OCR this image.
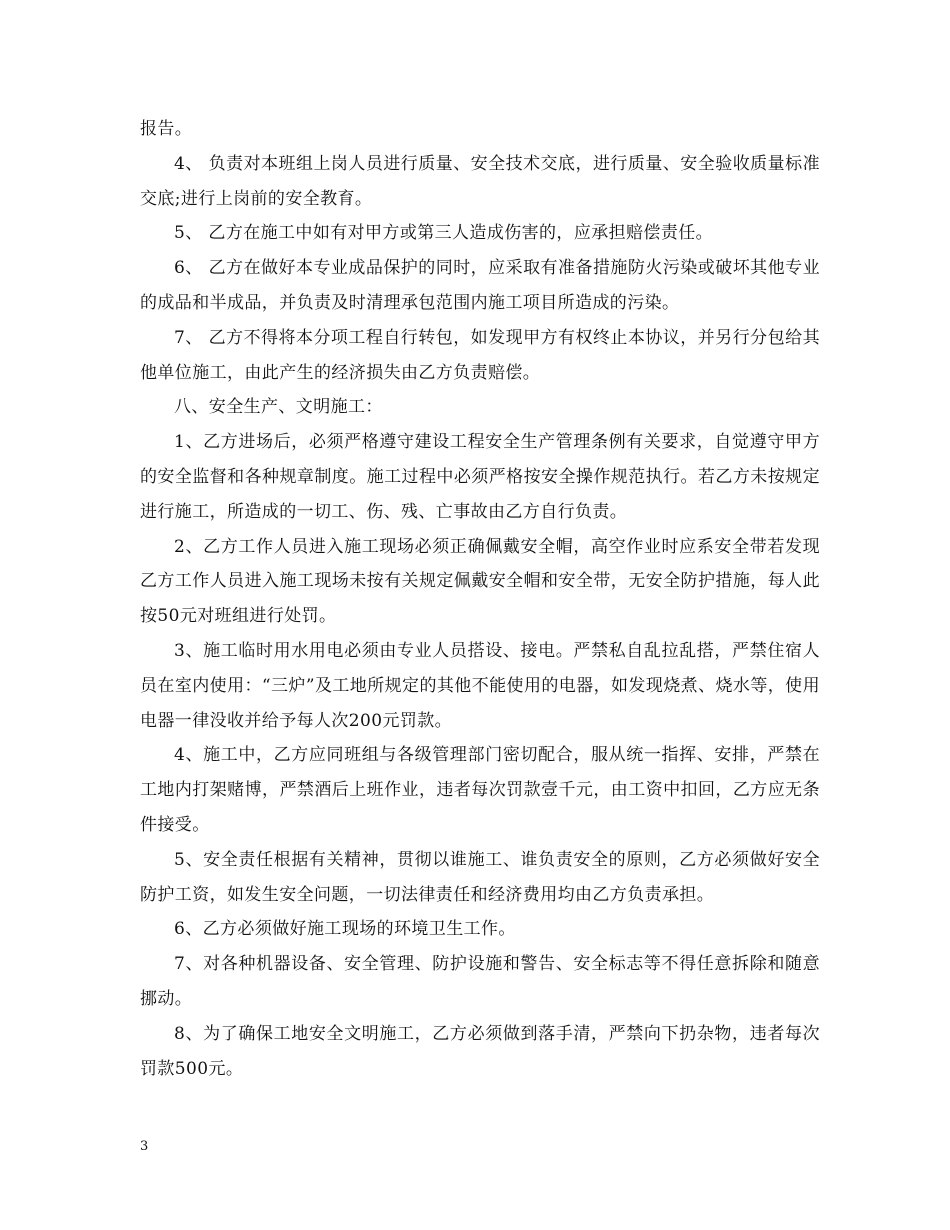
报告。

4、 负责对本班组上岗人员进行质量、安全技术交底，进行质量、安全验收质量标准交底;进行上岗前的安全教育。

5、 乙方在施工中如有对甲方或第三人造成伤害的，应承担赔偿责任。

6、 乙方在做好本专业成品保护的同时，应采取有准备措施防火污染或破坏其他专业的成品和半成品，并负责及时清理承包范围内施工项目所造成的污染。

7、 乙方不得将本分项工程自行转包，如发现甲方有权终止本协议，并另行分包给其他单位施工，由此产生的经济损失由乙方负责赔偿。

八、安全生产、文明施工：

1、乙方进场后，必须严格遵守建设工程安全生产管理条例有关要求，自觉遵守甲方的安全监督和各种规章制度。施工过程中必须严格按安全操作规范执行。若乙方未按规定进行施工，所造成的一切工、伤、残、亡事故由乙方自行负责。

2、乙方工作人员进入施工现场必须正确佩戴安全帽，高空作业时应系安全带若发现乙方工作人员进入施工现场未按有关规定佩戴安全帽和安全带，无安全防护措施，每人此按50元对班组进行处罚。

3、施工临时用水用电必须由专业人员搭设、接电。严禁私自乱拉乱搭，严禁住宿人员在室内使用：“三炉”及工地所规定的其他不能使用的电器，如发现烧煮、烧水等，使用电器一律没收并给予每人次200元罚款。

4、施工中，乙方应同班组与各级管理部门密切配合，服从统一指挥、安排，严禁在工地内打架赌博，严禁酒后上班作业，违者每次罚款壹千元，由工资中扣回，乙方应无条件接受。

5、安全责任根据有关精神，贯彻以谁施工、谁负责安全的原则，乙方必须做好安全防护工资，如发生安全问题，一切法律责任和经济费用均由乙方负责承担。

6、乙方必须做好施工现场的环境卫生工作。

7、对各种机器设备、安全管理、防护设施和警告、安全标志等不得任意拆除和随意挪动。

8、为了确保工地安全文明施工，乙方必须做到落手清，严禁向下扔杂物，违者每次罚款500元。

3
